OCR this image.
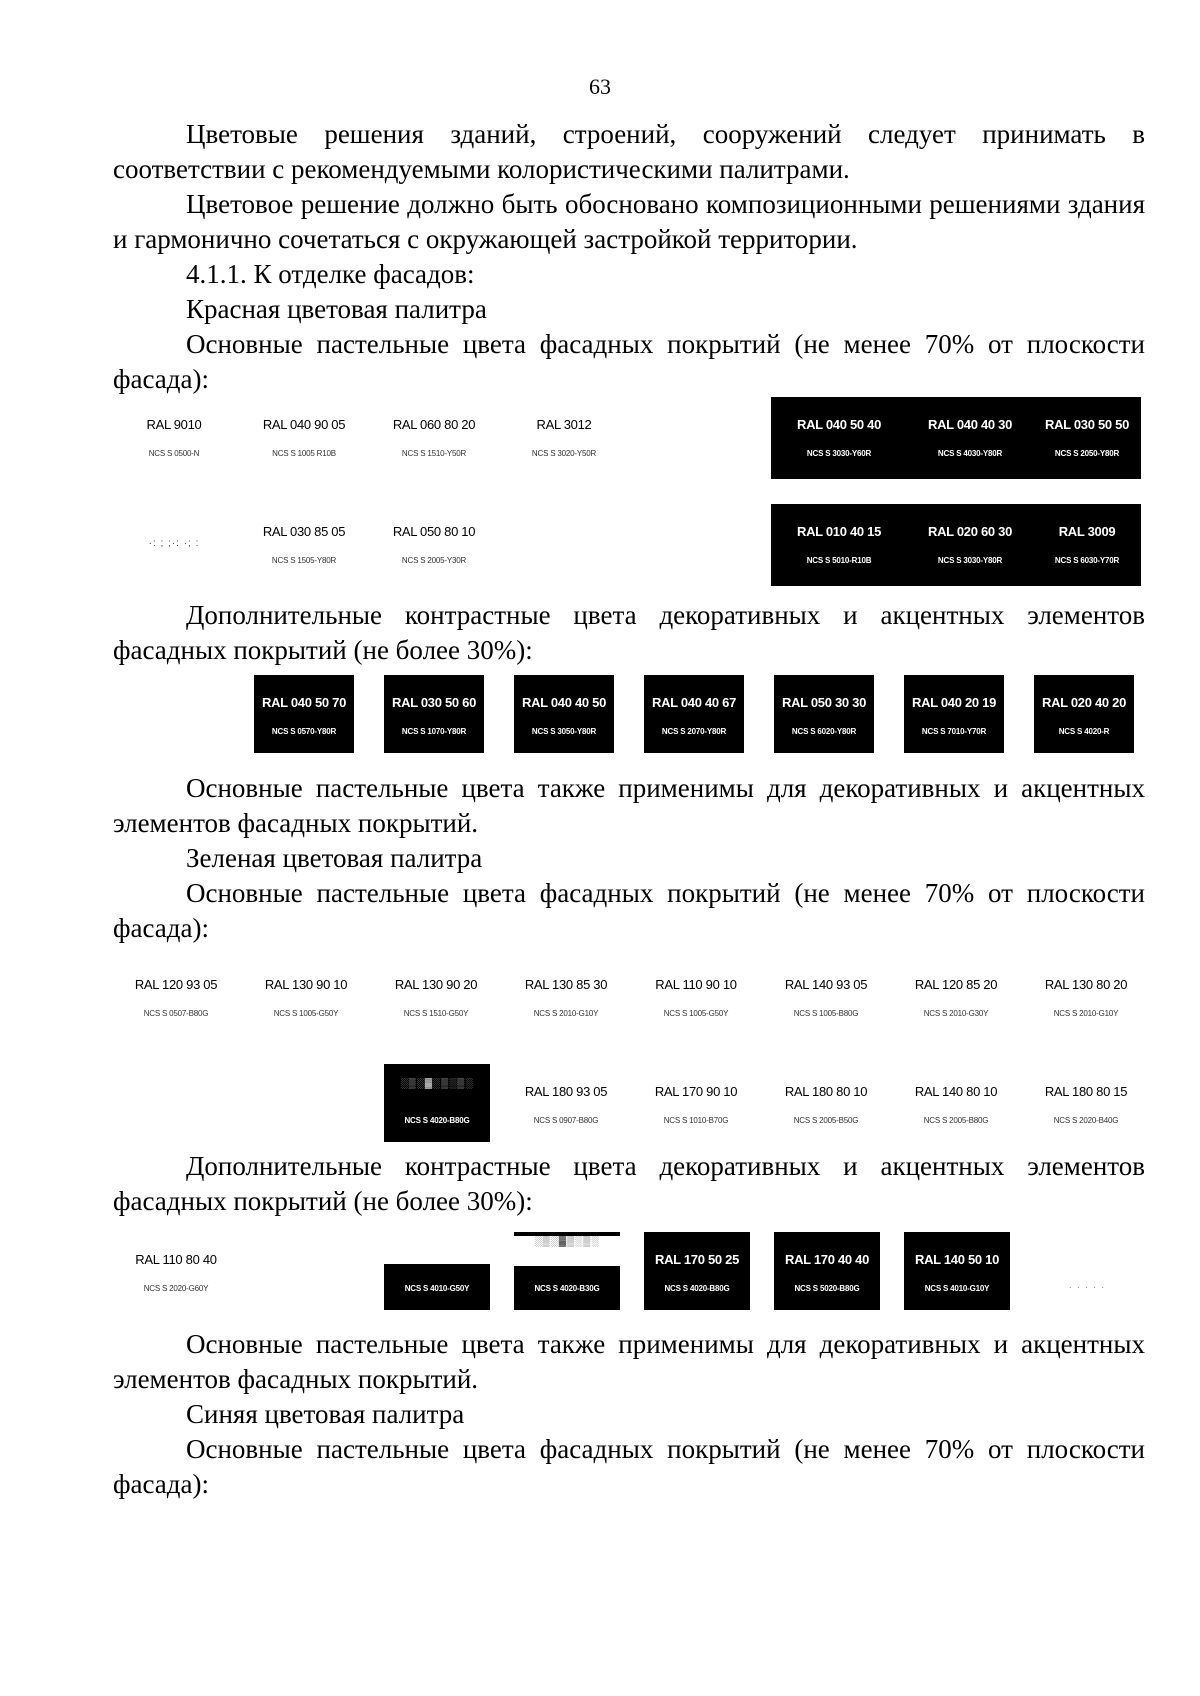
63

Цветовые решения зданий, строений, сооружений следует принимать в соответствии с рекомендуемыми колористическими палитрами.

Цветовое решение должно быть обосновано композиционными решениями здания и гармонично сочетаться с окружающей застройкой территории.

4.1.1. К отделке фасадов:

Красная цветовая палитра

Основные пастельные цвета фасадных покрытий (не менее 70% от плоскости фасада):

RAL 9010
NCS S 0500-N
RAL 040 90 05
NCS S 1005 R10B
RAL 060 80 20
NCS S 1510-Y50R
RAL 3012
NCS S 3020-Y50R
RAL 040 50 40
NCS S 3030-Y60R
RAL 040 40 30
NCS S 4030-Y80R
RAL 030 50 50
NCS S 2050-Y80R
·: ; ;·: ·; :
RAL 030 85 05
NCS S 1505-Y80R
RAL 050 80 10
NCS S 2005-Y30R
RAL 010 40 15
NCS S 5010-R10B
RAL 020 60 30
NCS S 3030-Y80R
RAL 3009
NCS S 6030-Y70R

Дополнительные контрастные цвета декоративных и акцентных элементов фасадных покрытий (не более 30%):

RAL 040 50 70
NCS S 0570-Y80R
RAL 030 50 60
NCS S 1070-Y80R
RAL 040 40 50
NCS S 3050-Y80R
RAL 040 40 67
NCS S 2070-Y80R
RAL 050 30 30
NCS S 6020-Y80R
RAL 040 20 19
NCS S 7010-Y70R
RAL 020 40 20
NCS S 4020-R

Основные пастельные цвета также применимы для декоративных и акцентных элементов фасадных покрытий.

Зеленая цветовая палитра

Основные пастельные цвета фасадных покрытий (не менее 70% от плоскости фасада):

RAL 120 93 05
NCS S 0507-B80G
RAL 130 90 10
NCS S 1005-G50Y
RAL 130 90 20
NCS S 1510-G50Y
RAL 130 85 30
NCS S 2010-G10Y
RAL 110 90 10
NCS S 1005-G50Y
RAL 140 93 05
NCS S 1005-B80G
RAL 120 85 20
NCS S 2010-G30Y
RAL 130 80 20
NCS S 2010-G10Y
░▒░▓░▒░▒░
NCS S 4020-B80G
RAL 180 93 05
NCS S 0907-B80G
RAL 170 90 10
NCS S 1010-B70G
RAL 180 80 10
NCS S 2005-B50G
RAL 140 80 10
NCS S 2005-B80G
RAL 180 80 15
NCS S 2020-B40G

Дополнительные контрастные цвета декоративных и акцентных элементов фасадных покрытий (не более 30%):

RAL 110 80 40
NCS S 2020-G60Y	NCS S 4010-G50Y
░▒░▓▒░▒░
NCS S 4020-B30G
RAL 170 50 25
NCS S 4020-B80G
RAL 170 40 40
NCS S 5020-B80G
RAL 140 50 10
NCS S 4010-G10Y	· · · · ·

Основные пастельные цвета также применимы для декоративных и акцентных элементов фасадных покрытий.

Синяя цветовая палитра

Основные пастельные цвета фасадных покрытий (не менее 70% от плоскости фасада):
